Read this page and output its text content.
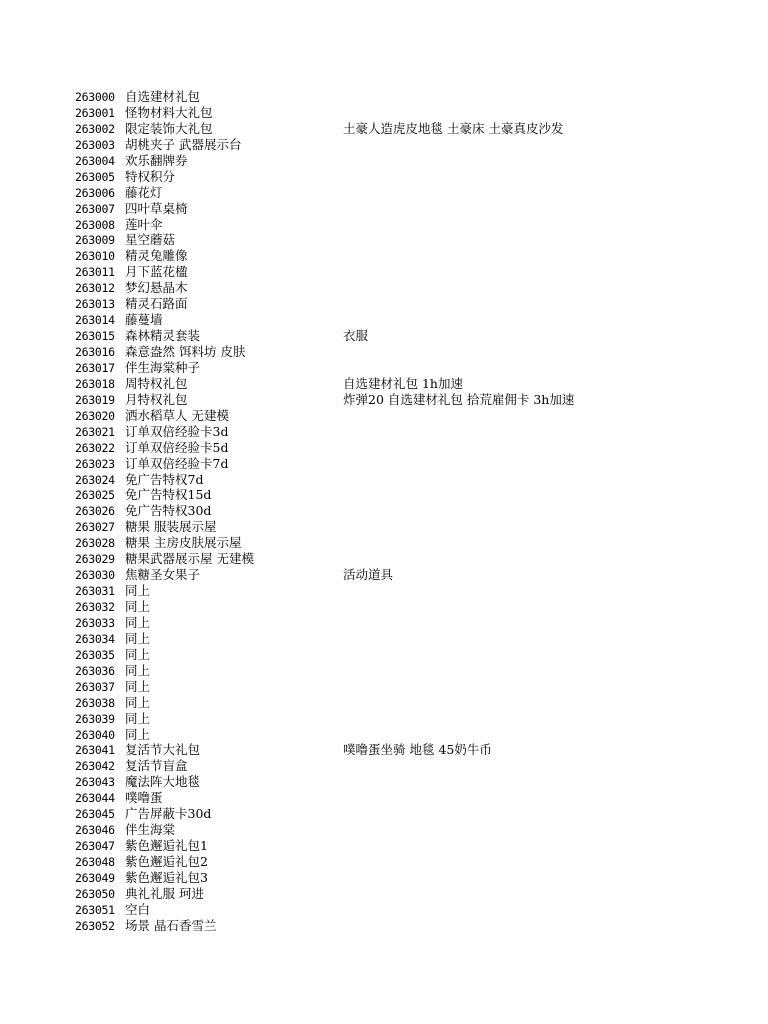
263000 自选建材礼包
263001 怪物材料大礼包
263002 限定装饰大礼包	土豪人造虎皮地毯 土豪床 土豪真皮沙发
263003 胡桃夹子 武器展示台
263004 欢乐翻牌券
263005 特权积分
263006 藤花灯
263007 四叶草桌椅
263008 莲叶伞
263009 星空蘑菇
263010 精灵兔雕像
263011 月下蓝花楹
263012 梦幻悬晶木
263013 精灵石路面
263014 藤蔓墙
263015 森林精灵套装	衣服
263016 森意盎然 饵料坊 皮肤
263017 伴生海棠种子
263018 周特权礼包	自选建材礼包 1h加速
263019 月特权礼包	炸弹20 自选建材礼包 拾荒雇佣卡 3h加速
263020 洒水稻草人 无建模
263021 订单双倍经验卡3d
263022 订单双倍经验卡5d
263023 订单双倍经验卡7d
263024 免广告特权7d
263025 免广告特权15d
263026 免广告特权30d
263027 糖果 服装展示屋
263028 糖果 主房皮肤展示屋
263029 糖果武器展示屋 无建模
263030 焦糖圣女果子	活动道具
263031 同上
263032 同上
263033 同上
263034 同上
263035 同上
263036 同上
263037 同上
263038 同上
263039 同上
263040 同上
263041 复活节大礼包	噗噜蛋坐骑 地毯 45奶牛币
263042 复活节盲盒
263043 魔法阵大地毯
263044 噗噜蛋
263045 广告屏蔽卡30d
263046 伴生海棠
263047 紫色邂逅礼包1
263048 紫色邂逅礼包2
263049 紫色邂逅礼包3
263050 典礼礼服 珂进
263051 空白
263052 场景 晶石香雪兰
